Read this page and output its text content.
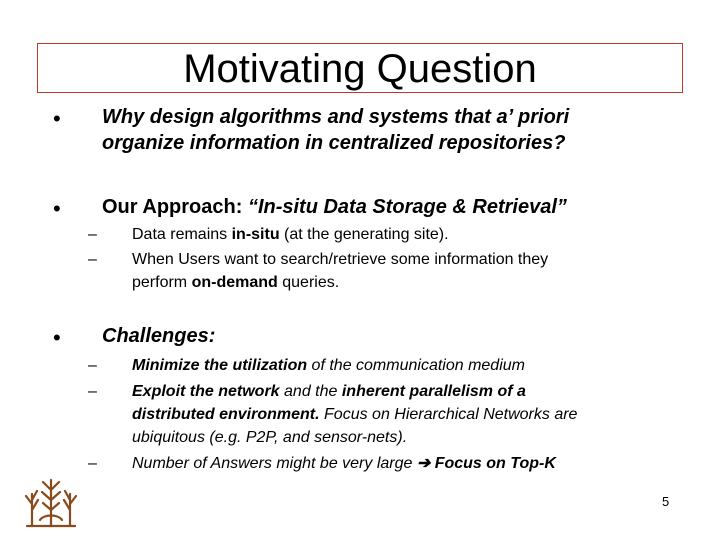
Motivating Question
• Why design algorithms and systems that a’ priori
organize information in centralized repositories?
• Our Approach: “In-situ Data Storage & Retrieval”
– Data remains in-situ (at the generating site).
– When Users want to search/retrieve some information they
perform on-demand queries.
• Challenges:
– Minimize the utilization of the communication medium
– Exploit the network and the inherent parallelism of a
distributed environment. Focus on Hierarchical Networks are
ubiquitous (e.g. P2P, and sensor-nets).
– Number of Answers might be very large ➔ Focus on Top-K
5
